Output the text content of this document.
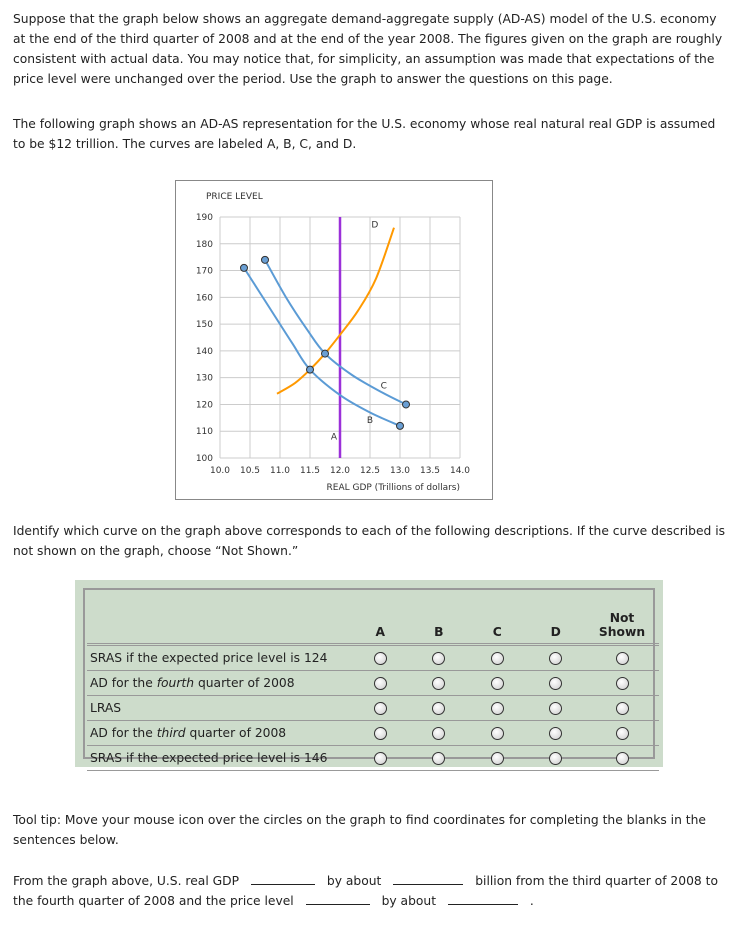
Suppose that the graph below shows an aggregate demand-aggregate supply (AD-AS) model of the U.S. economy at the end of the third quarter of 2008 and at the end of the year 2008. The figures given on the graph are roughly consistent with actual data. You may notice that, for simplicity, an assumption was made that expectations of the price level were unchanged over the period. Use the graph to answer the questions on this page.

The following graph shows an AD-AS representation for the U.S. economy whose real natural real GDP is assumed to be $12 trillion. The curves are labeled A, B, C, and D.

10.0 10.5 11.0 11.5 12.0 12.5 13.0 13.5 14.0
190
180
170
160
150
140
130
120
110
100
PRICE LEVEL
REAL GDP (Trillions of dollars)
A
B
C
D

Identify which curve on the graph above corresponds to each of the following descriptions. If the curve described is not shown on the graph, choose “Not Shown.”

	A	B	C	D	Not Shown
SRAS if the expected price level is 124					
AD for the fourth quarter of 2008					
LRAS					
AD for the third quarter of 2008					
SRAS if the expected price level is 146					

Tool tip: Move your mouse icon over the circles on the graph to find coordinates for completing the blanks in the sentences below.

From the graph above, U.S. real GDP	by about	billion from the third quarter of 2008 to the fourth quarter of 2008 and the price level	by about	.
